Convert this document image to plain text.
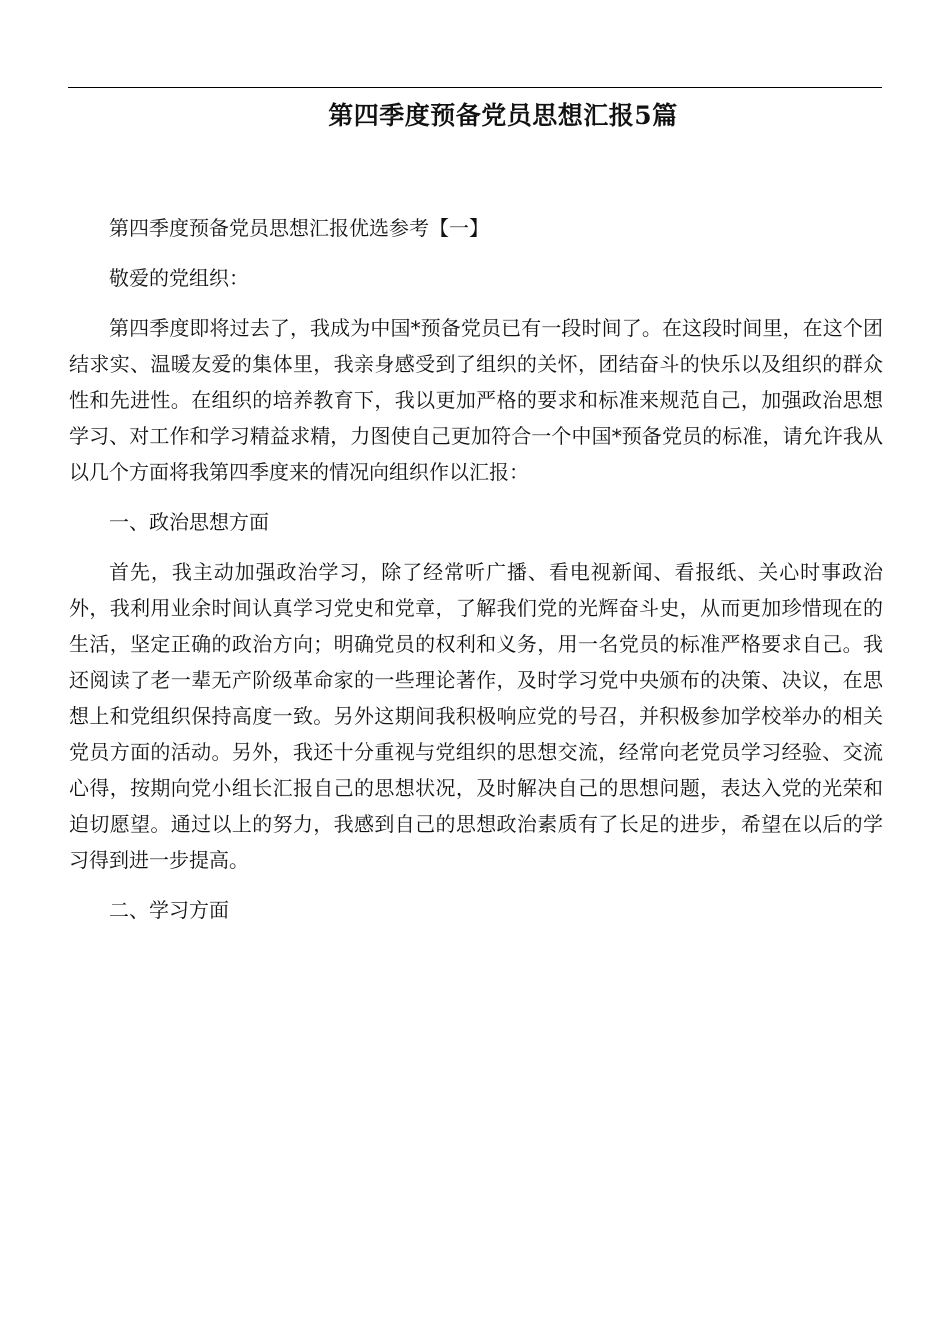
第四季度预备党员思想汇报5篇

第四季度预备党员思想汇报优选参考【一】

敬爱的党组织：

第四季度即将过去了，我成为中国*预备党员已有一段时间了。在这段时间里，在这个团结求实、温暖友爱的集体里，我亲身感受到了组织的关怀，团结奋斗的快乐以及组织的群众性和先进性。在组织的培养教育下，我以更加严格的要求和标准来规范自己，加强政治思想学习、对工作和学习精益求精，力图使自己更加符合一个中国*预备党员的标准，请允许我从以几个方面将我第四季度来的情况向组织作以汇报：

一、政治思想方面

首先，我主动加强政治学习，除了经常听广播、看电视新闻、看报纸、关心时事政治外，我利用业余时间认真学习党史和党章，了解我们党的光辉奋斗史，从而更加珍惜现在的生活，坚定正确的政治方向；明确党员的权利和义务，用一名党员的标准严格要求自己。我还阅读了老一辈无产阶级革命家的一些理论著作，及时学习党中央颁布的决策、决议，在思想上和党组织保持高度一致。另外这期间我积极响应党的号召，并积极参加学校举办的相关党员方面的活动。另外，我还十分重视与党组织的思想交流，经常向老党员学习经验、交流心得，按期向党小组长汇报自己的思想状况，及时解决自己的思想问题，表达入党的光荣和迫切愿望。通过以上的努力，我感到自己的思想政治素质有了长足的进步，希望在以后的学习得到进一步提高。

二、学习方面
